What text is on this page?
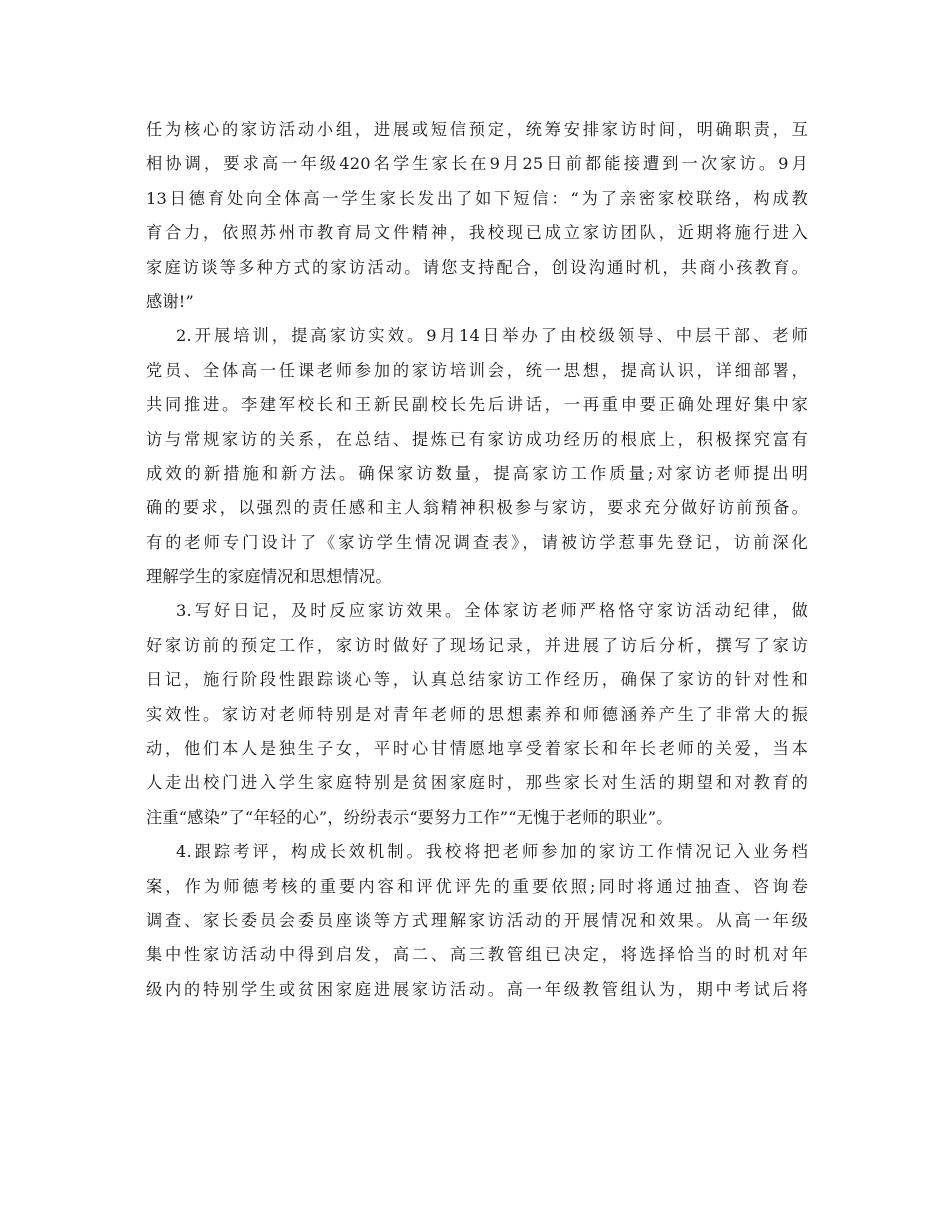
任为核心的家访活动小组，进展或短信预定，统筹安排家访时间，明确职责，互
相协调，要求高一年级420名学生家长在9月25日前都能接遭到一次家访。9月
13日德育处向全体高一学生家长发出了如下短信：“为了亲密家校联络，构成教
育合力，依照苏州市教育局文件精神，我校现已成立家访团队，近期将施行进入
家庭访谈等多种方式的家访活动。请您支持配合，创设沟通时机，共商小孩教育。
感谢!”
2.开展培训，提高家访实效。9月14日举办了由校级领导、中层干部、老师
党员、全体高一任课老师参加的家访培训会，统一思想，提高认识，详细部署，
共同推进。李建军校长和王新民副校长先后讲话，一再重申要正确处理好集中家
访与常规家访的关系，在总结、提炼已有家访成功经历的根底上，积极探究富有
成效的新措施和新方法。确保家访数量，提高家访工作质量;对家访老师提出明
确的要求，以强烈的责任感和主人翁精神积极参与家访，要求充分做好访前预备。
有的老师专门设计了《家访学生情况调查表》，请被访学惹事先登记，访前深化
理解学生的家庭情况和思想情况。
3.写好日记，及时反应家访效果。全体家访老师严格恪守家访活动纪律，做
好家访前的预定工作，家访时做好了现场记录，并进展了访后分析，撰写了家访
日记，施行阶段性跟踪谈心等，认真总结家访工作经历，确保了家访的针对性和
实效性。家访对老师特别是对青年老师的思想素养和师德涵养产生了非常大的振
动，他们本人是独生子女，平时心甘情愿地享受着家长和年长老师的关爱，当本
人走出校门进入学生家庭特别是贫困家庭时，那些家长对生活的期望和对教育的
注重“感染”了“年轻的心”，纷纷表示“要努力工作”“无愧于老师的职业”。
4.跟踪考评，构成长效机制。我校将把老师参加的家访工作情况记入业务档
案，作为师德考核的重要内容和评优评先的重要依照;同时将通过抽查、咨询卷
调查、家长委员会委员座谈等方式理解家访活动的开展情况和效果。从高一年级
集中性家访活动中得到启发，高二、高三教管组已决定，将选择恰当的时机对年
级内的特别学生或贫困家庭进展家访活动。高一年级教管组认为，期中考试后将
